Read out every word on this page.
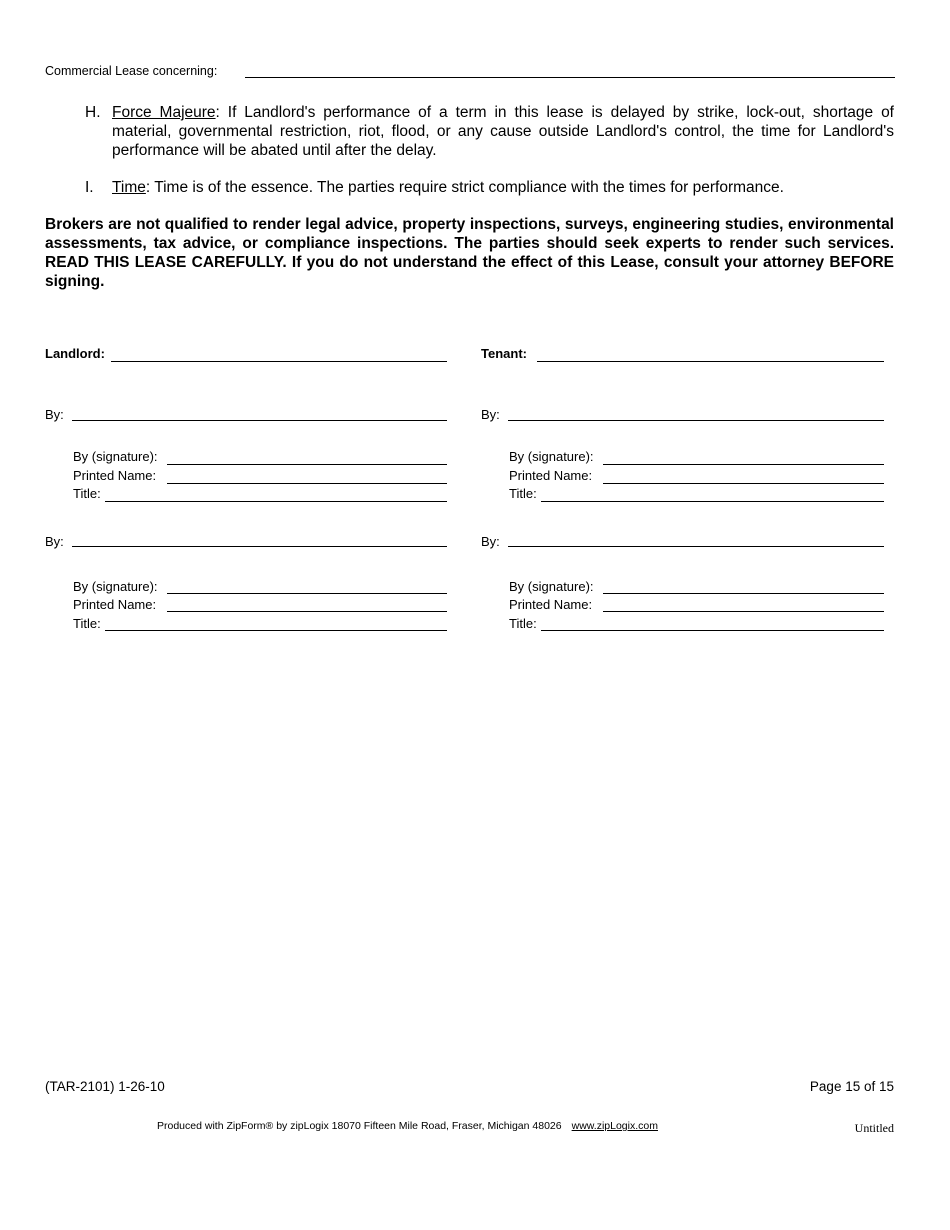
Commercial Lease concerning:
H. Force Majeure: If Landlord's performance of a term in this lease is delayed by strike, lock-out, shortage of material, governmental restriction, riot, flood, or any cause outside Landlord's control, the time for Landlord's performance will be abated until after the delay.
I. Time: Time is of the essence. The parties require strict compliance with the times for performance.
Brokers are not qualified to render legal advice, property inspections, surveys, engineering studies, environmental assessments, tax advice, or compliance inspections. The parties should seek experts to render such services. READ THIS LEASE CAREFULLY. If you do not understand the effect of this Lease, consult your attorney BEFORE signing.
Landlord:
By:
By (signature):
Printed Name:
Title:
By:
By (signature):
Printed Name:
Title:
Tenant:
By:
By (signature):
Printed Name:
Title:
By:
By (signature):
Printed Name:
Title:
(TAR-2101) 1-26-10	Page 15 of 15
Produced with ZipForm® by zipLogix 18070 Fifteen Mile Road, Fraser, Michigan 48026 www.zipLogix.com	Untitled
